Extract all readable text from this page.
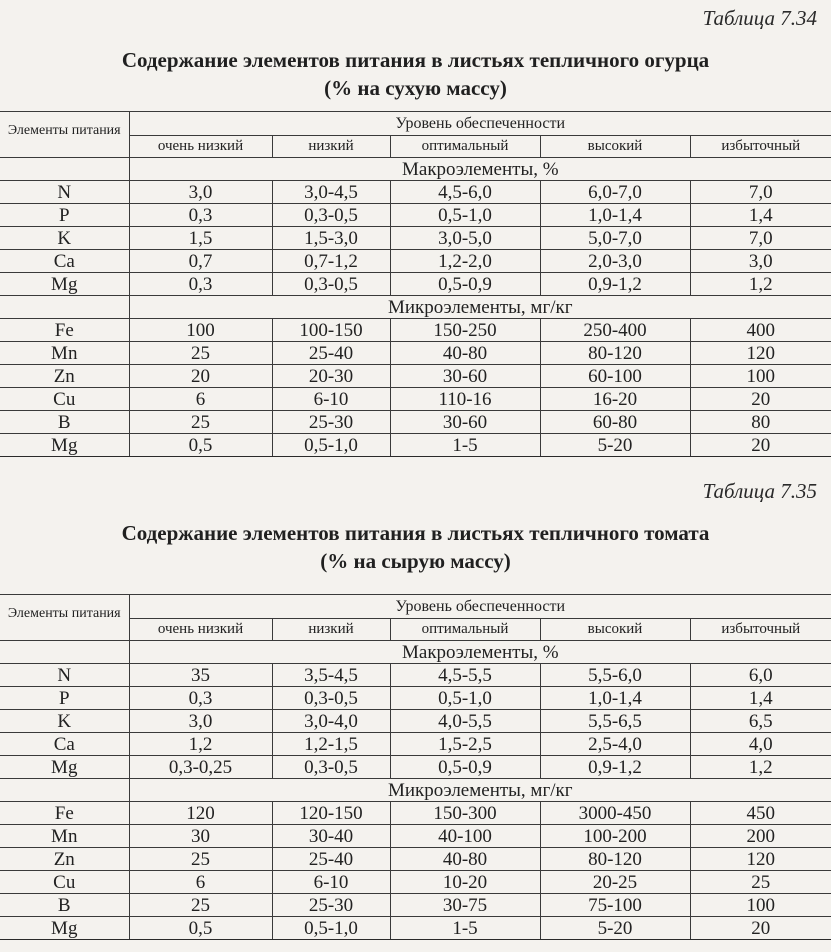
Таблица 7.34
Содержание элементов питания в листьях тепличного огурца
(% на сухую массу)
Элементы питания	Уровень обеспеченности				
	очень низкий	низкий	оптимальный	высокий	избыточный
	Макроэлементы, %				
N	3,0	3,0-4,5	4,5-6,0	6,0-7,0	7,0
P	0,3	0,3-0,5	0,5-1,0	1,0-1,4	1,4
K	1,5	1,5-3,0	3,0-5,0	5,0-7,0	7,0
Ca	0,7	0,7-1,2	1,2-2,0	2,0-3,0	3,0
Mg	0,3	0,3-0,5	0,5-0,9	0,9-1,2	1,2
	Микроэлементы, мг/кг				
Fe	100	100-150	150-250	250-400	400
Mn	25	25-40	40-80	80-120	120
Zn	20	20-30	30-60	60-100	100
Cu	6	6-10	110-16	16-20	20
B	25	25-30	30-60	60-80	80
Mg	0,5	0,5-1,0	1-5	5-20	20
Таблица 7.35
Содержание элементов питания в листьях тепличного томата
(% на сырую массу)
Элементы питания	Уровень обеспеченности				
	очень низкий	низкий	оптимальный	высокий	избыточный
	Макроэлементы, %				
N	35	3,5-4,5	4,5-5,5	5,5-6,0	6,0
P	0,3	0,3-0,5	0,5-1,0	1,0-1,4	1,4
K	3,0	3,0-4,0	4,0-5,5	5,5-6,5	6,5
Ca	1,2	1,2-1,5	1,5-2,5	2,5-4,0	4,0
Mg	0,3-0,25	0,3-0,5	0,5-0,9	0,9-1,2	1,2
	Микроэлементы, мг/кг				
Fe	120	120-150	150-300	3000-450	450
Mn	30	30-40	40-100	100-200	200
Zn	25	25-40	40-80	80-120	120
Cu	6	6-10	10-20	20-25	25
B	25	25-30	30-75	75-100	100
Mg	0,5	0,5-1,0	1-5	5-20	20
